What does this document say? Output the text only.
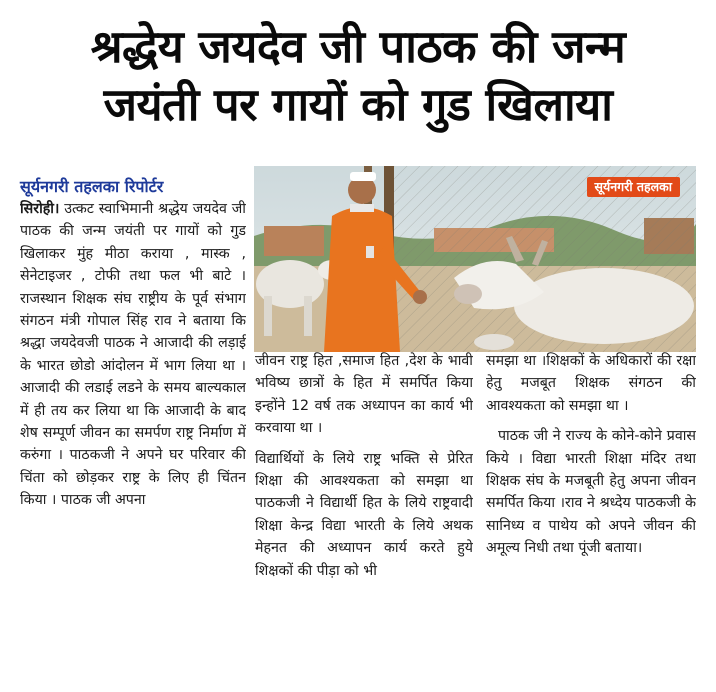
श्रद्धेय जयदेव जी पाठक की जन्म
जयंती पर गायों को गुड खिलाया
सूर्यनगरी तहलका रिपोर्टर

सिरोही। उत्कट स्वाभिमानी श्रद्धेय जयदेव जी पाठक की जन्म जयंती पर गायों को गुड खिलाकर मुंह मीठा कराया , मास्क , सेनेटाइजर , टोफी तथा फल भी बाटे । राजस्थान शिक्षक संघ राष्ट्रीय के पूर्व संभाग संगठन मंत्री गोपाल सिंह राव ने बताया कि श्रद्धा जयदेवजी पाठक ने आजादी की लड़ाई के भारत छोडो आंदोलन में भाग लिया था ।आजादी की लडाई लडने के समय बाल्यकाल में ही तय कर लिया था कि आजादी के बाद शेष सम्पूर्ण जीवन का समर्पण राष्ट्र निर्माण में करुंगा । पाठकजी ने अपने घर परिवार की चिंता को छोड़कर राष्ट्र के लिए ही चिंतन किया । पाठक जी अपना

सूर्यनगरी तहलका

जीवन राष्ट्र हित ,समाज हित ,देश के भावी भविष्य छात्रों के हित में समर्पित किया इन्होंने 12 वर्ष तक अध्यापन का कार्य भी करवाया था ।

विद्यार्थियों के लिये राष्ट्र भक्ति से प्रेरित शिक्षा की आवश्यकता को समझा था पाठकजी ने विद्यार्थी हित के लिये राष्ट्रवादी शिक्षा केन्द्र विद्या भारती के लिये अथक मेहनत की अध्यापन कार्य करते हुये शिक्षकों की पीड़ा को भी

समझा था ।शिक्षकों के अधिकारों की रक्षा हेतु मजबूत शिक्षक संगठन की आवश्यकता को समझा था ।

पाठक जी ने राज्य के कोने-कोने प्रवास किये । विद्या भारती शिक्षा मंदिर तथा शिक्षक संघ के मजबूती हेतु अपना जीवन समर्पित किया ।राव ने श्रध्देय पाठकजी के सानिध्य व पाथेय को अपने जीवन की अमूल्य निधी तथा पूंजी बताया।
